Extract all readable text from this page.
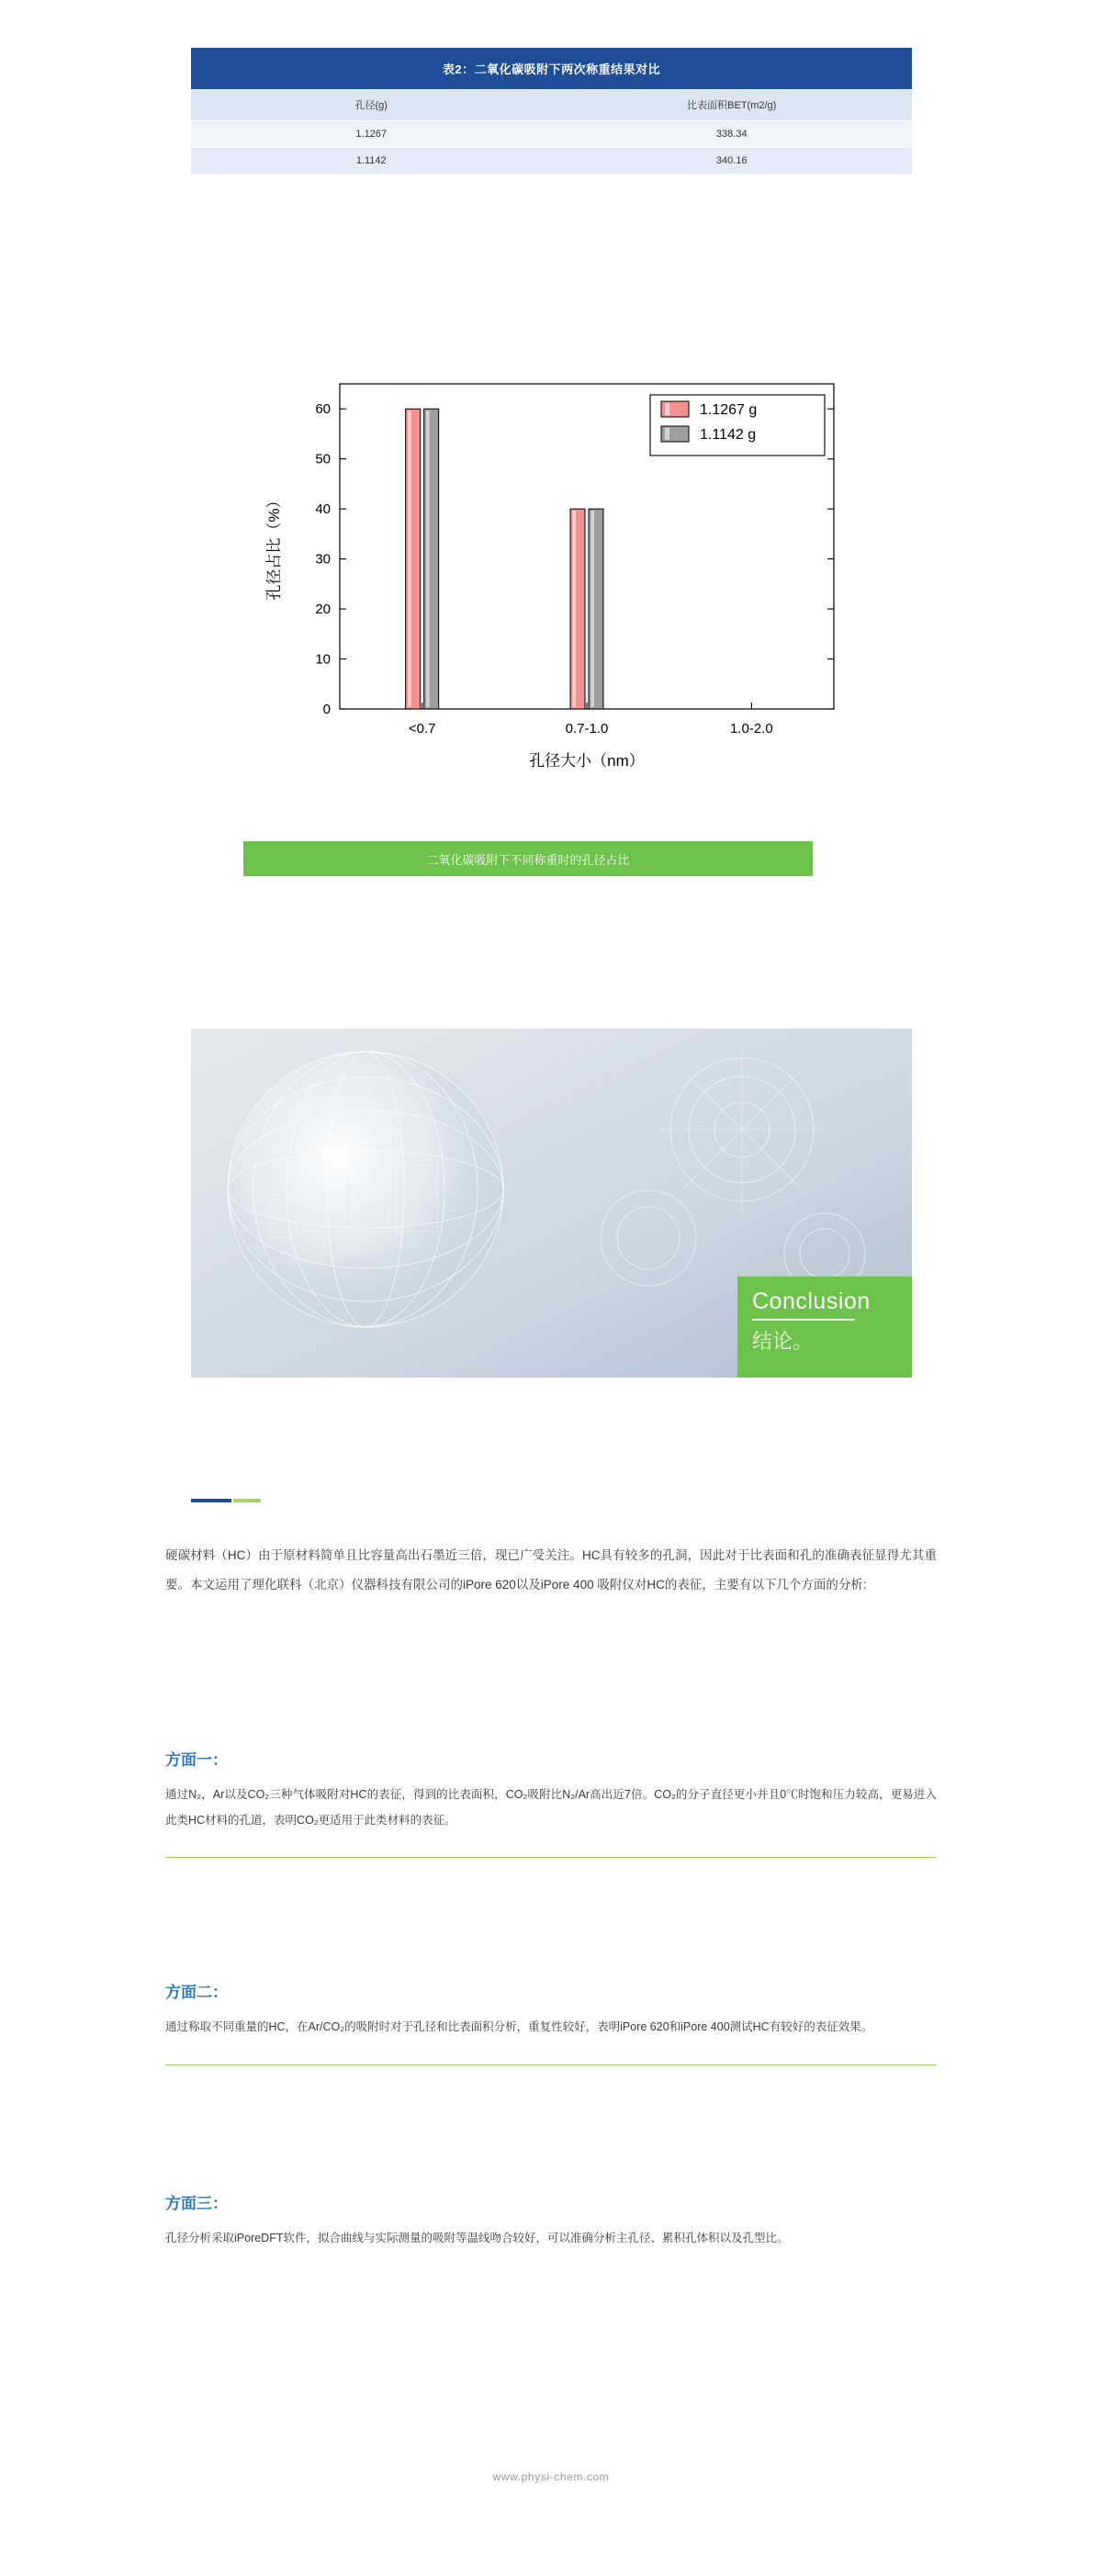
表2：二氧化碳吸附下两次称重结果对比	
孔径(g)	比表面积BET(m2/g)
1.1267	338.34
1.1142	340.16
0
10
20
30
40
50
60
<0.7	0.7-1.0	1.0-2.0
孔径大小（nm）
孔径占比（%）
1.1267 g
1.1142 g
二氧化碳吸附下不同称重时的孔径占比
Conclusion
结论。
硬碳材料（HC）由于原材料简单且比容量高出石墨近三倍，现已广受关注。HC具有较多的孔洞，因此对于比表面和孔的准确表征显得尤其重要。本文运用了理化联科（北京）仪器科技有限公司的iPore 620以及iPore 400 吸附仪对HC的表征，主要有以下几个方面的分析:
方面一：
通过N₂，Ar以及CO₂三种气体吸附对HC的表征，得到的比表面积，CO₂吸附比N₂/Ar高出近7倍。CO₂的分子直径更小并且0℃时饱和压力较高，更易进入此类HC材料的孔道，表明CO₂更适用于此类材料的表征。
方面二：
通过称取不同重量的HC，在Ar/CO₂的吸附时对于孔径和比表面积分析，重复性较好，表明iPore 620和iPore 400测试HC有较好的表征效果。
方面三：
孔径分析采取iPoreDFT软件，拟合曲线与实际测量的吸附等温线吻合较好，可以准确分析主孔径、累积孔体积以及孔型比。
www.physi-chem.com
